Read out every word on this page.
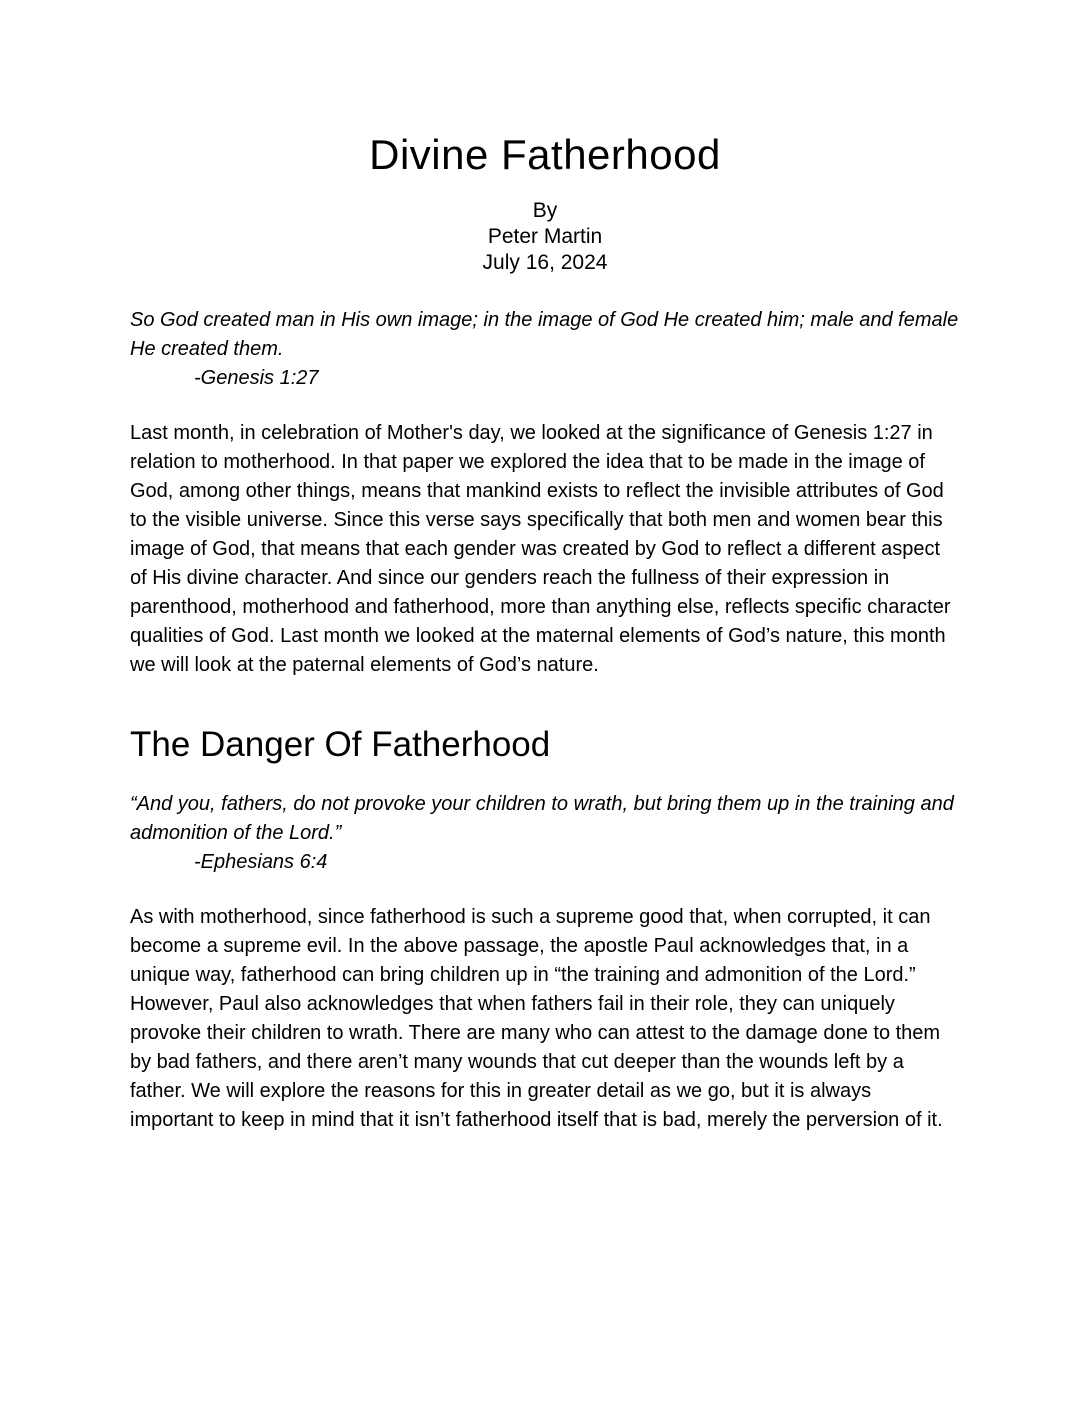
Divine Fatherhood
By
Peter Martin
July 16, 2024
So God created man in His own image; in the image of God He created him; male and female He created them.
-Genesis 1:27

Last month, in celebration of Mother's day, we looked at the significance of Genesis 1:27 in relation to motherhood. In that paper we explored the idea that to be made in the image of God, among other things, means that mankind exists to reflect the invisible attributes of God to the visible universe. Since this verse says specifically that both men and women bear this image of God, that means that each gender was created by God to reflect a different aspect of His divine character. And since our genders reach the fullness of their expression in parenthood, motherhood and fatherhood, more than anything else, reflects specific character qualities of God. Last month we looked at the maternal elements of God’s nature, this month we will look at the paternal elements of God’s nature.

The Danger Of Fatherhood
“And you, fathers, do not provoke your children to wrath, but bring them up in the training and admonition of the Lord.”
-Ephesians 6:4

As with motherhood, since fatherhood is such a supreme good that, when corrupted, it can become a supreme evil. In the above passage, the apostle Paul acknowledges that, in a unique way, fatherhood can bring children up in “the training and admonition of the Lord.” However, Paul also acknowledges that when fathers fail in their role, they can uniquely provoke their children to wrath. There are many who can attest to the damage done to them by bad fathers, and there aren’t many wounds that cut deeper than the wounds left by a father. We will explore the reasons for this in greater detail as we go, but it is always important to keep in mind that it isn’t fatherhood itself that is bad, merely the perversion of it.
